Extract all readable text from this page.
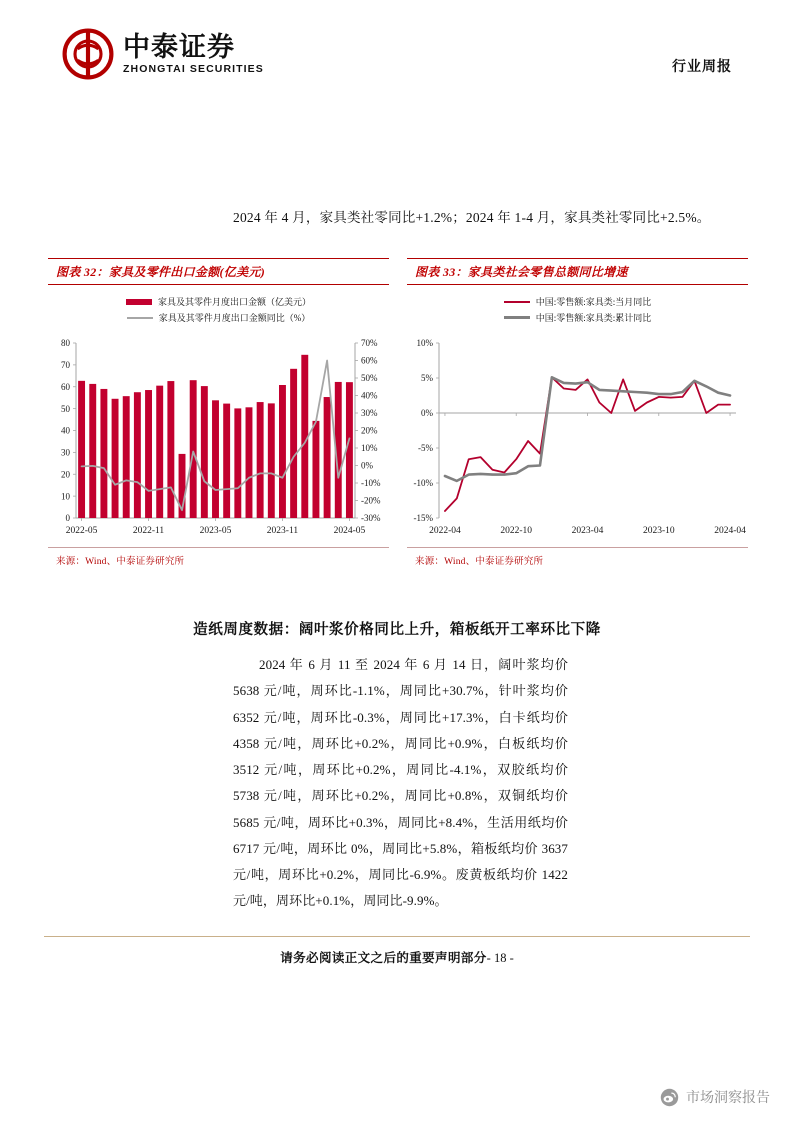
中泰证券
ZHONGTAI SECURITIES	行业周报
2024 年 4 月，家具类社零同比+1.2%；2024 年 1-4 月，家具类社零同比+2.5%。
图表 32：家具及零件出口金额(亿美元)
家具及其零件月度出口金额（亿美元）
家具及其零件月度出口金额同比（%）
0
10
20
30
40
50
60
70
80
-30%
-20%
-10%
0%
10%
20%
30%
40%
50%
60%
70%
2022-05	2022-11	2023-05	2023-11	2024-05
来源：Wind、中泰证券研究所
图表 33：家具类社会零售总额同比增速
中国:零售额:家具类:当月同比
中国:零售额:家具类:累计同比
-15%
-10%
-5%
0%
5%
10%
2022-04	2022-10	2023-04	2023-10	2024-04
来源：Wind、中泰证券研究所
造纸周度数据：阔叶浆价格同比上升，箱板纸开工率环比下降
2024 年 6 月 11 至 2024 年 6 月 14 日，阔叶浆均价 5638 元/吨，周环比-1.1%，周同比+30.7%，针叶浆均价 6352 元/吨，周环比-0.3%，周同比+17.3%，白卡纸均价 4358 元/吨，周环比+0.2%，周同比+0.9%，白板纸均价 3512 元/吨，周环比+0.2%，周同比-4.1%，双胶纸均价 5738 元/吨，周环比+0.2%，周同比+0.8%，双铜纸均价 5685 元/吨，周环比+0.3%，周同比+8.4%，生活用纸均价 6717 元/吨，周环比 0%，周同比+5.8%，箱板纸均价 3637 元/吨，周环比+0.2%，周同比-6.9%。废黄板纸均价 1422 元/吨，周环比+0.1%，周同比-9.9%。
请务必阅读正文之后的重要声明部分- 18 -
市场洞察报告
